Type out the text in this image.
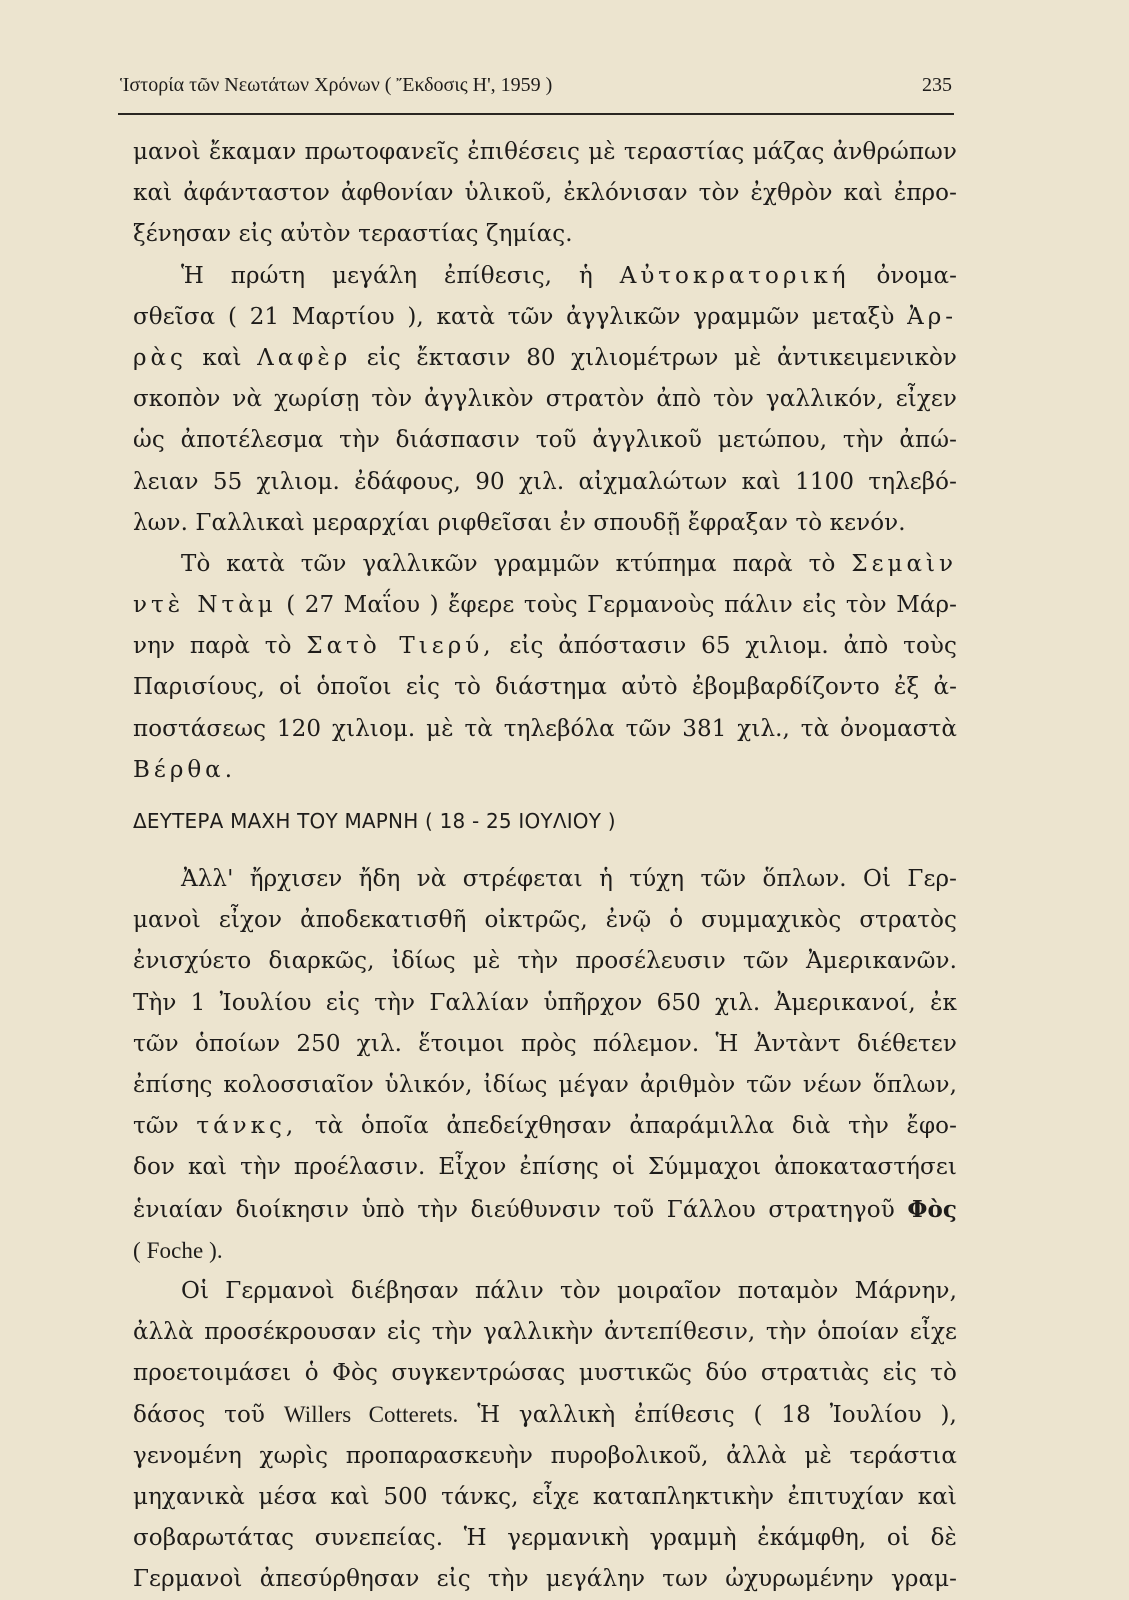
Ἱστορία τῶν Νεωτάτων Χρόνων ( Ἔκδοσις Η', 1959 )	235
μανοὶ ἔκαμαν πρωτοφανεῖς ἐπιθέσεις μὲ τεραστίας μάζας ἀνθρώπων
καὶ ἀφάνταστον ἀφθονίαν ὑλικοῦ, ἐκλόνισαν τὸν ἐχθρὸν καὶ ἐπρο-
ξένησαν εἰς αὐτὸν τεραστίας ζημίας.
Ἡ πρώτη μεγάλη ἐπίθεσις, ἡ Αὐτοκρατορική ὀνομα-
σθεῖσα ( 21 Μαρτίου ), κατὰ τῶν ἀγγλικῶν γραμμῶν μεταξὺ Ἀρ-
ρὰς καὶ Λαφὲρ εἰς ἔκτασιν 80 χιλιομέτρων μὲ ἀντικειμενικὸν
σκοπὸν νὰ χωρίσῃ τὸν ἀγγλικὸν στρατὸν ἀπὸ τὸν γαλλικόν, εἶχεν
ὡς ἀποτέλεσμα τὴν διάσπασιν τοῦ ἀγγλικοῦ μετώπου, τὴν ἀπώ-
λειαν 55 χιλιομ. ἐδάφους, 90 χιλ. αἰχμαλώτων καὶ 1100 τηλεβό-
λων. Γαλλικαὶ μεραρχίαι ριφθεῖσαι ἐν σπουδῇ ἔφραξαν τὸ κενόν.
Τὸ κατὰ τῶν γαλλικῶν γραμμῶν κτύπημα παρὰ τὸ Σεμαὶν
ντὲ Ντὰμ ( 27 Μαΐου ) ἔφερε τοὺς Γερμανοὺς πάλιν εἰς τὸν Μάρ-
νην παρὰ τὸ Σατὸ Τιερύ, εἰς ἀπόστασιν 65 χιλιομ. ἀπὸ τοὺς
Παρισίους, οἱ ὁποῖοι εἰς τὸ διάστημα αὐτὸ ἐβομβαρδίζοντο ἐξ ἀ-
ποστάσεως 120 χιλιομ. μὲ τὰ τηλεβόλα τῶν 381 χιλ., τὰ ὀνομαστὰ
Βέρθα.
ΔΕΥΤΕΡΑ ΜΑΧΗ ΤΟΥ ΜΑΡΝΗ ( 18 - 25 ΙΟΥΛΙΟΥ )
Ἀλλ' ἤρχισεν ἤδη νὰ στρέφεται ἡ τύχη τῶν ὅπλων. Οἱ Γερ-
μανοὶ εἶχον ἀποδεκατισθῆ οἰκτρῶς, ἐνῷ ὁ συμμαχικὸς στρατὸς
ἐνισχύετο διαρκῶς, ἰδίως μὲ τὴν προσέλευσιν τῶν Ἀμερικανῶν.
Τὴν 1 Ἰουλίου εἰς τὴν Γαλλίαν ὑπῆρχον 650 χιλ. Ἀμερικανοί, ἐκ
τῶν ὁποίων 250 χιλ. ἕτοιμοι πρὸς πόλεμον. Ἡ Ἀντὰντ διέθετεν
ἐπίσης κολοσσιαῖον ὑλικόν, ἰδίως μέγαν ἀριθμὸν τῶν νέων ὅπλων,
τῶν τάνκς, τὰ ὁποῖα ἀπεδείχθησαν ἀπαράμιλλα διὰ τὴν ἔφο-
δον καὶ τὴν προέλασιν. Εἶχον ἐπίσης οἱ Σύμμαχοι ἀποκαταστήσει
ἑνιαίαν διοίκησιν ὑπὸ τὴν διεύθυνσιν τοῦ Γάλλου στρατηγοῦ Φὸς
( Foche ).
Οἱ Γερμανοὶ διέβησαν πάλιν τὸν μοιραῖον ποταμὸν Μάρνην,
ἀλλὰ προσέκρουσαν εἰς τὴν γαλλικὴν ἀντεπίθεσιν, τὴν ὁποίαν εἶχε
προετοιμάσει ὁ Φὸς συγκεντρώσας μυστικῶς δύο στρατιὰς εἰς τὸ
δάσος τοῦ Willers Cotterets. Ἡ γαλλικὴ ἐπίθεσις ( 18 Ἰουλίου ),
γενομένη χωρὶς προπαρασκευὴν πυροβολικοῦ, ἀλλὰ μὲ τεράστια
μηχανικὰ μέσα καὶ 500 τάνκς, εἶχε καταπληκτικὴν ἐπιτυχίαν καὶ
σοβαρωτάτας συνεπείας. Ἡ γερμανικὴ γραμμὴ ἐκάμφθη, οἱ δὲ
Γερμανοὶ ἀπεσύρθησαν εἰς τὴν μεγάλην των ὠχυρωμένην γραμ-
